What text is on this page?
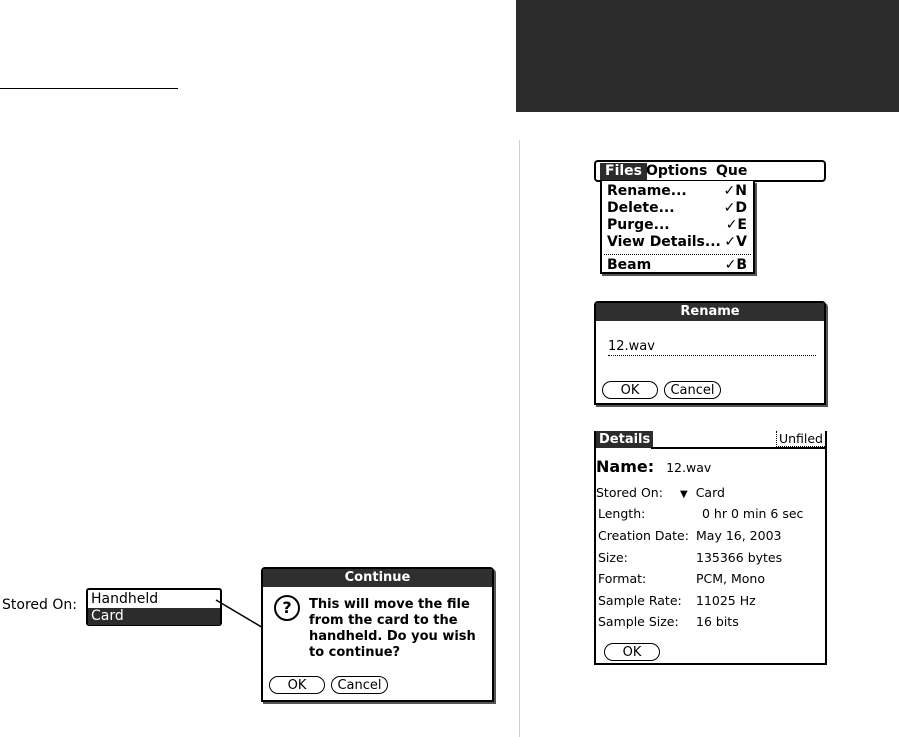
Files Options Que
Rename...	✓N
Delete...	✓D
Purge...	✓E
View Details... ✓V
Beam	✓B
Rename
12.wav
OK	Cancel
Details	Unfiled
Name: 12.wav
Stored On: ▼ Card
Length:	0 hr 0 min 6 sec
Creation Date: May 16, 2003
Size:	135366 bytes
Format:	PCM, Mono
Sample Rate: 11025 Hz
Sample Size: 16 bits
OK
Stored On: Handheld
Card
Continue
?	This will move the file from the card to the handheld. Do you wish to continue?
OK	Cancel
